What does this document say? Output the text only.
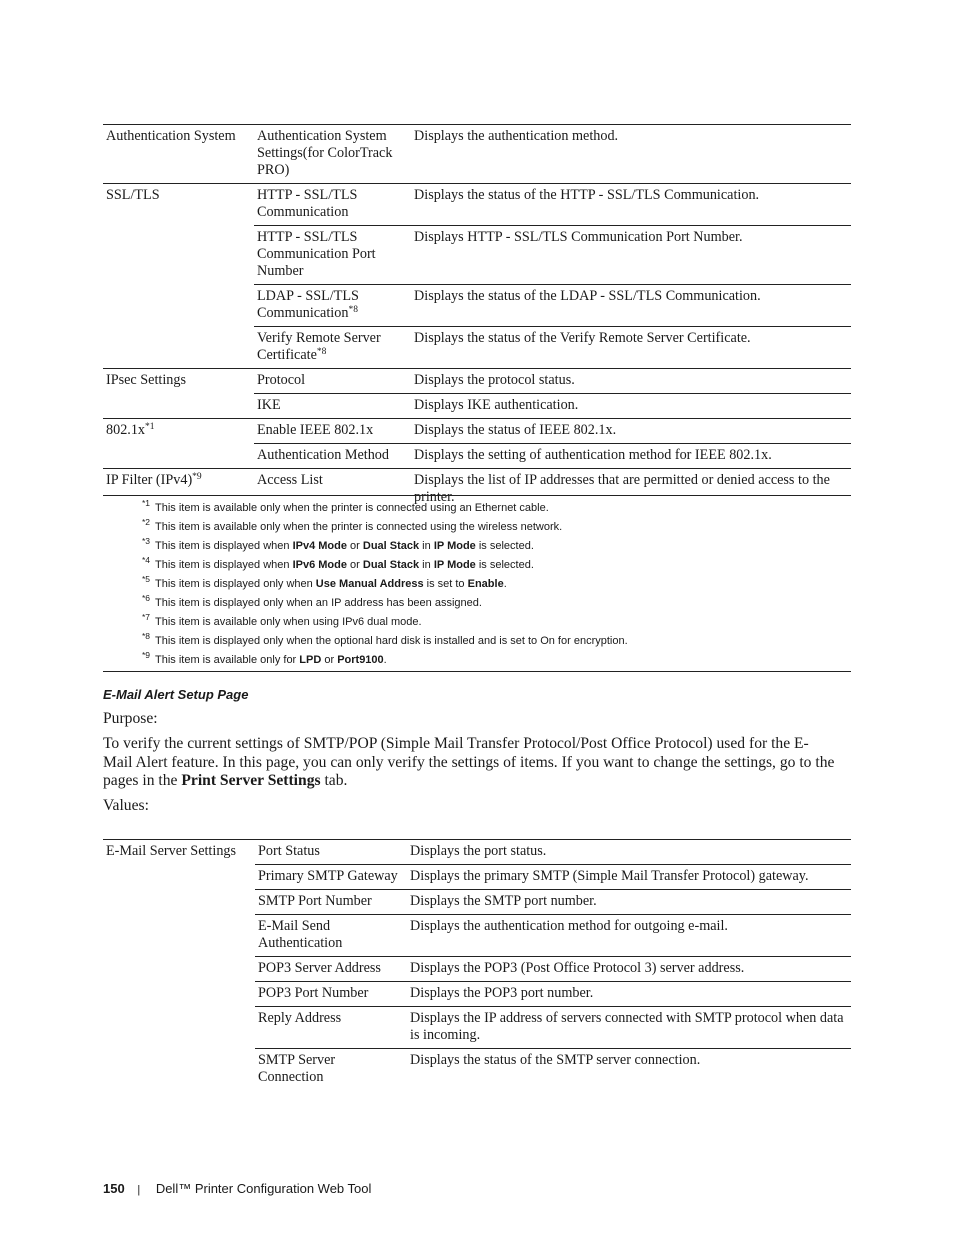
Authentication System	Authentication System Settings(for ColorTrack PRO)	Displays the authentication method.
SSL/TLS	HTTP - SSL/TLS Communication	Displays the status of the HTTP - SSL/TLS Communication.
	HTTP - SSL/TLS Communication Port Number	Displays HTTP - SSL/TLS Communication Port Number.
	LDAP - SSL/TLS Communication$^{*8}$	Displays the status of the LDAP - SSL/TLS Communication.
	Verify Remote Server Certificate$^{*8}$	Displays the status of the Verify Remote Server Certificate.
IPsec Settings	Protocol	Displays the protocol status.
	IKE	Displays IKE authentication.
$802.1x^{*1}$	Enable IEEE 802.1x	Displays the status of IEEE 802.1x.
	Authentication Method	Displays the setting of authentication method for IEEE 802.1x.
IP Filter $(IPv4)^{*9}$	Access List	Displays the list of IP addresses that are permitted or denied access to the printer.
*1 This item is available only when the printer is connected using an Ethernet cable.
*2 This item is available only when the printer is connected using the wireless network.
*3 This item is displayed when IPv4 Mode or Dual Stack in IP Mode is selected.
*4 This item is displayed when IPv6 Mode or Dual Stack in IP Mode is selected.
*5 This item is displayed only when Use Manual Address is set to Enable.
*6 This item is displayed only when an IP address has been assigned.
*7 This item is available only when using IPv6 dual mode.
*8 This item is displayed only when the optional hard disk is installed and is set to On for encryption.
*9 This item is available only for LPD or Port9100.
E-Mail Alert Setup Page
Purpose:
To verify the current settings of SMTP/POP (Simple Mail Transfer Protocol/Post Office Protocol) used for the E-
Mail Alert feature. In this page, you can only verify the settings of items. If you want to change the settings, go to the
pages in the Print Server Settings tab.
Values:
E-Mail Server Settings	Port Status	Displays the port status.
	Primary SMTP Gateway	Displays the primary SMTP (Simple Mail Transfer Protocol) gateway.
	SMTP Port Number	Displays the SMTP port number.
	E-Mail Send Authentication	Displays the authentication method for outgoing e-mail.
	POP3 Server Address	Displays the POP3 (Post Office Protocol 3) server address.
	POP3 Port Number	Displays the POP3 port number.
	Reply Address	Displays the IP address of servers connected with SMTP protocol when data is incoming.
	SMTP Server Connection	Displays the status of the SMTP server connection.
150 | Dell™ Printer Configuration Web Tool
